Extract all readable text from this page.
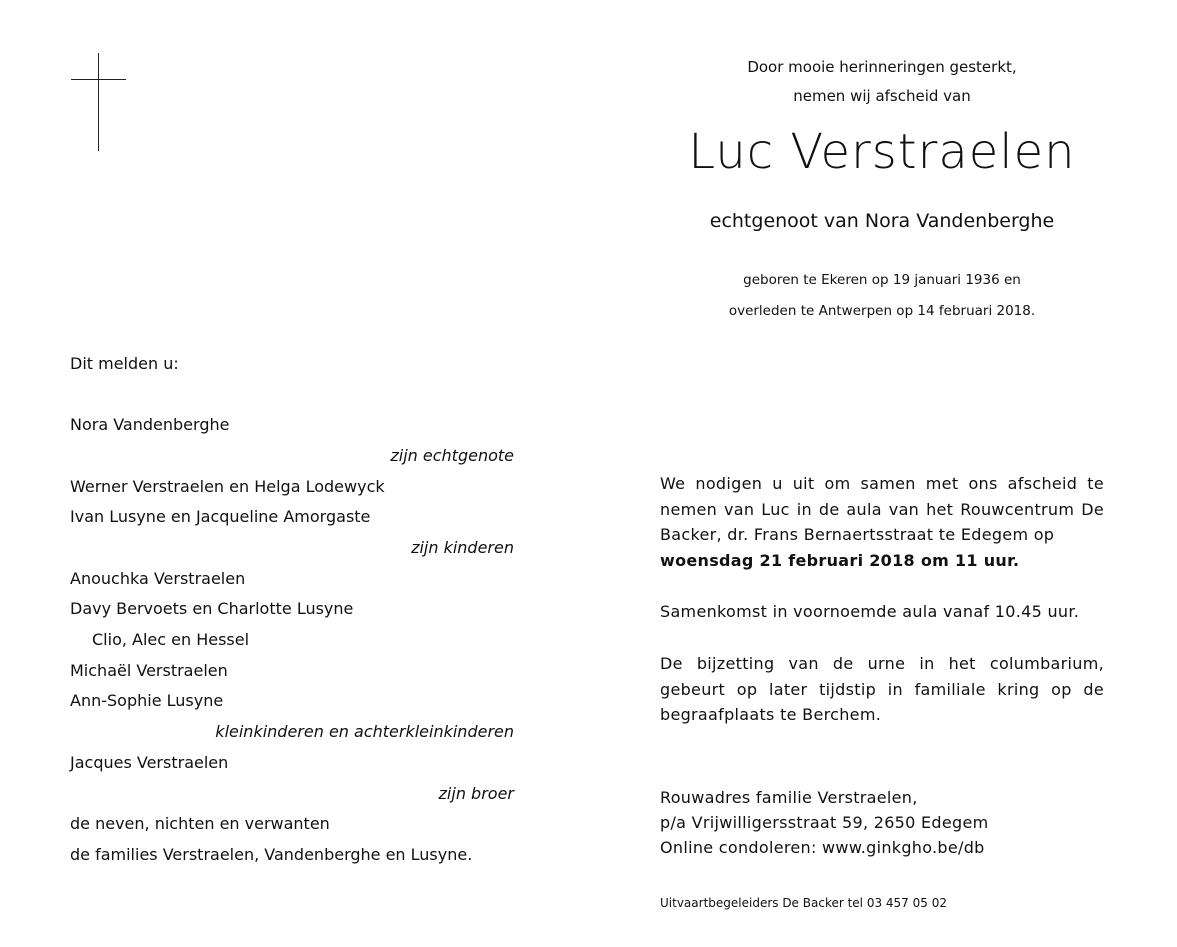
Door mooie herinneringen gesterkt,
nemen wij afscheid van
Luc Verstraelen
echtgenoot van Nora Vandenberghe
geboren te Ekeren op 19 januari 1936 en
overleden te Antwerpen op 14 februari 2018.
Dit melden u:
Nora Vandenberghe
zijn echtgenote
Werner Verstraelen en Helga Lodewyck
Ivan Lusyne en Jacqueline Amorgaste
zijn kinderen
Anouchka Verstraelen
Davy Bervoets en Charlotte Lusyne
Clio, Alec en Hessel
Michaël Verstraelen
Ann-Sophie Lusyne
kleinkinderen en achterkleinkinderen
Jacques Verstraelen
zijn broer
de neven, nichten en verwanten
de families Verstraelen, Vandenberghe en Lusyne.
We nodigen u uit om samen met ons afscheid te nemen van Luc in de aula van het Rouwcentrum De Backer, dr. Frans Bernaertsstraat te Edegem op
woensdag 21 februari 2018 om 11 uur.
Samenkomst in voornoemde aula vanaf 10.45 uur.
De bijzetting van de urne in het columbarium, gebeurt op later tijdstip in familiale kring op de begraafplaats te Berchem.
Rouwadres familie Verstraelen,
p/a Vrijwilligersstraat 59, 2650 Edegem
Online condoleren: www.ginkgho.be/db
Uitvaartbegeleiders De Backer tel 03 457 05 02
